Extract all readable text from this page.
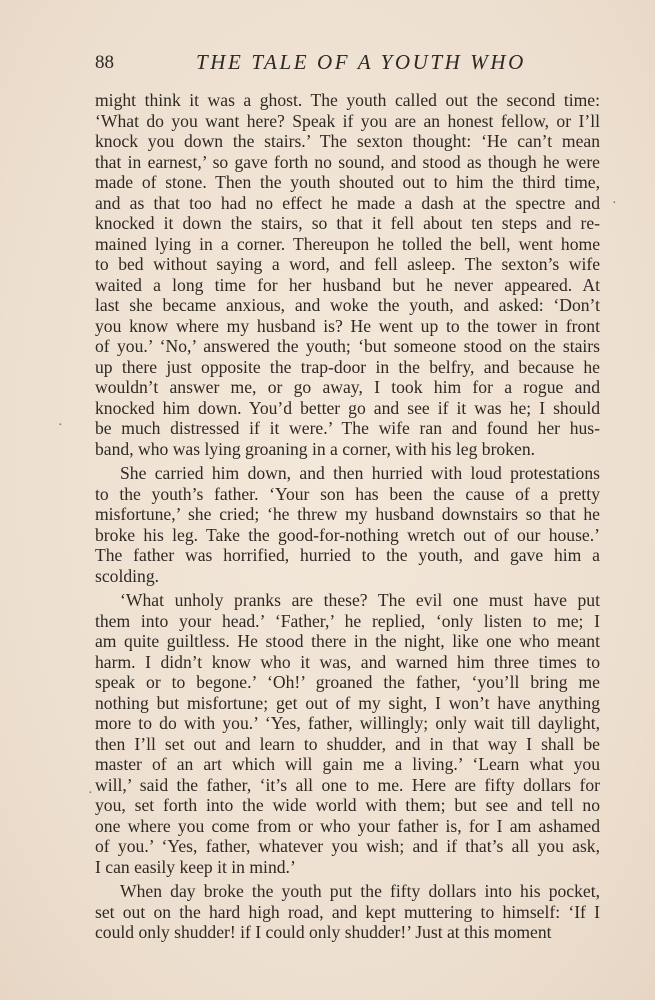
88	THE TALE OF A YOUTH WHO
might think it was a ghost. The youth called out the second time:
‘What do you want here? Speak if you are an honest fellow, or I’ll
knock you down the stairs.’ The sexton thought: ‘He can’t mean
that in earnest,’ so gave forth no sound, and stood as though he were
made of stone. Then the youth shouted out to him the third time,
and as that too had no effect he made a dash at the spectre and
knocked it down the stairs, so that it fell about ten steps and re-
mained lying in a corner. Thereupon he tolled the bell, went home
to bed without saying a word, and fell asleep. The sexton’s wife
waited a long time for her husband but he never appeared. At
last she became anxious, and woke the youth, and asked: ‘Don’t
you know where my husband is? He went up to the tower in front
of you.’ ‘No,’ answered the youth; ‘but someone stood on the stairs
up there just opposite the trap-door in the belfry, and because he
wouldn’t answer me, or go away, I took him for a rogue and
knocked him down. You’d better go and see if it was he; I should
be much distressed if it were.’ The wife ran and found her hus-
band, who was lying groaning in a corner, with his leg broken.
She carried him down, and then hurried with loud protestations
to the youth’s father. ‘Your son has been the cause of a pretty
misfortune,’ she cried; ‘he threw my husband downstairs so that he
broke his leg. Take the good-for-nothing wretch out of our house.’
The father was horrified, hurried to the youth, and gave him a
scolding.
‘What unholy pranks are these? The evil one must have put
them into your head.’ ‘Father,’ he replied, ‘only listen to me; I
am quite guiltless. He stood there in the night, like one who meant
harm. I didn’t know who it was, and warned him three times to
speak or to begone.’ ‘Oh!’ groaned the father, ‘you’ll bring me
nothing but misfortune; get out of my sight, I won’t have anything
more to do with you.’ ‘Yes, father, willingly; only wait till daylight,
then I’ll set out and learn to shudder, and in that way I shall be
master of an art which will gain me a living.’ ‘Learn what you
will,’ said the father, ‘it’s all one to me. Here are fifty dollars for
you, set forth into the wide world with them; but see and tell no
one where you come from or who your father is, for I am ashamed
of you.’ ‘Yes, father, whatever you wish; and if that’s all you ask,
I can easily keep it in mind.’
When day broke the youth put the fifty dollars into his pocket,
set out on the hard high road, and kept muttering to himself: ‘If I
could only shudder! if I could only shudder!’ Just at this moment
·
·
·
